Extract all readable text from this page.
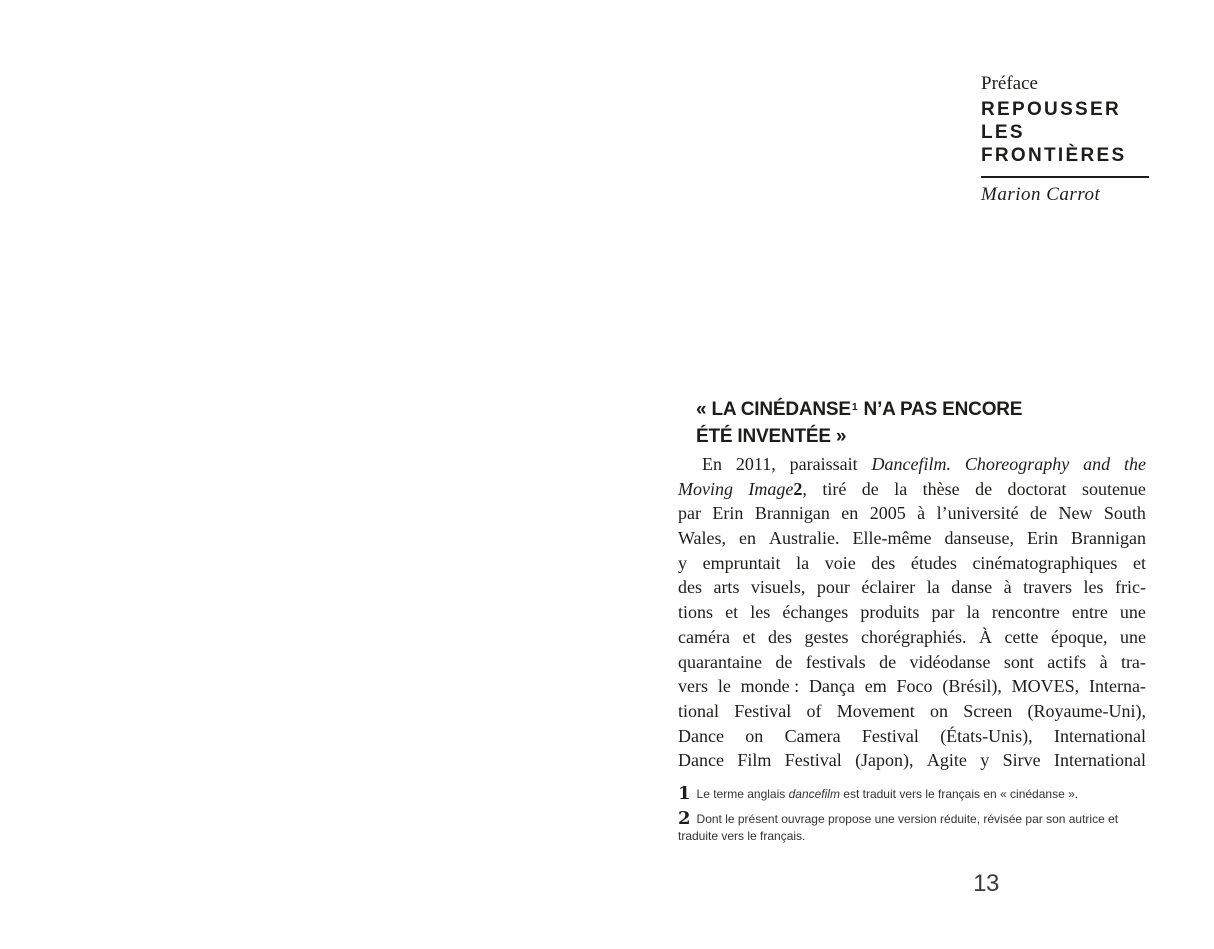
Préface
REPOUSSER
LES
FRONTIÈRES
Marion Carrot
« LA CINÉDANSE$^1$ N’A PAS ENCORE
ÉTÉ INVENTÉE »
En 2011, paraissait Dancefilm. Choreography and the
Moving Image2, tiré de la thèse de doctorat soutenue
par Erin Brannigan en 2005 à l’université de New South
Wales, en Australie. Elle-même danseuse, Erin Brannigan
y empruntait la voie des études cinématographiques et
des arts visuels, pour éclairer la danse à travers les fric-
tions et les échanges produits par la rencontre entre une
caméra et des gestes chorégraphiés. À cette époque, une
quarantaine de festivals de vidéodanse sont actifs à tra-
vers le monde : Dança em Foco (Brésil), MOVES, Interna-
tional Festival of Movement on Screen (Royaume-Uni),
Dance on Camera Festival (États-Unis), International
Dance Film Festival (Japon), Agite y Sirve International
1 Le terme anglais dancefilm est traduit vers le français en « cinédanse ».
2 Dont le présent ouvrage propose une version réduite, révisée par son autrice et traduite vers le français.
13
